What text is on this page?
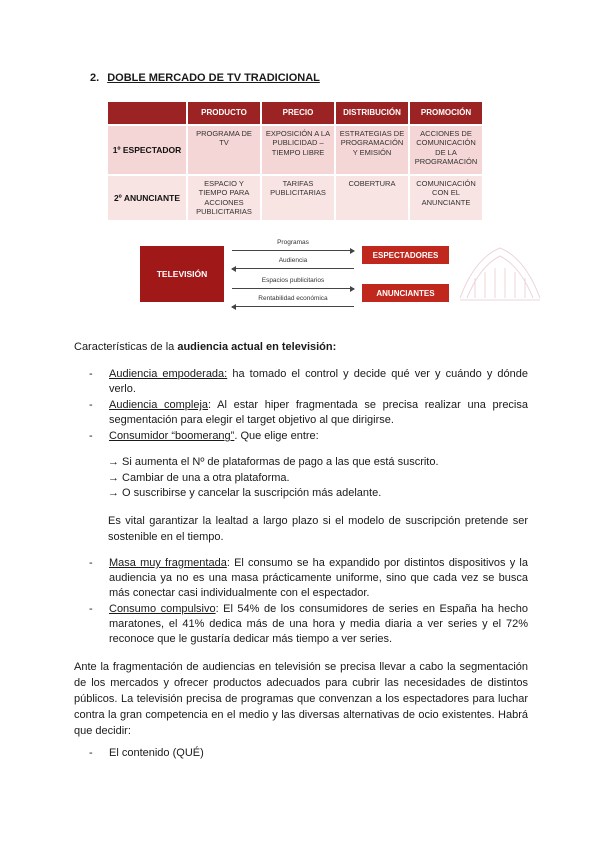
2. DOBLE MERCADO DE TV TRADICIONAL
	PRODUCTO	PRECIO	DISTRIBUCIÓN	PROMOCIÓN
1º ESPECTADOR	PROGRAMA DE TV	EXPOSICIÓN A LA PUBLICIDAD – TIEMPO LIBRE	ESTRATEGIAS DE PROGRAMACIÓN Y EMISIÓN	ACCIONES DE COMUNICACIÓN DE LA PROGRAMACIÓN
2º ANUNCIANTE	ESPACIO Y TIEMPO PARA ACCIONES PUBLICITARIAS	TARIFAS PUBLICITARIAS	COBERTURA	COMUNICACIÓN CON EL ANUNCIANTE
TELEVISIÓN
Programas
Audiencia
Espacios publicitarios
Rentabilidad económica
ESPECTADORES
ANUNCIANTES
Características de la audiencia actual en televisión:
- Audiencia empoderada: ha tomado el control y decide qué ver y cuándo y dónde verlo.
- Audiencia compleja: Al estar hiper fragmentada se precisa realizar una precisa segmentación para elegir el target objetivo al que dirigirse.
- Consumidor “boomerang”. Que elige entre:
→ Si aumenta el Nº de plataformas de pago a las que está suscrito.
→ Cambiar de una a otra plataforma.
→ O suscribirse y cancelar la suscripción más adelante.
Es vital garantizar la lealtad a largo plazo si el modelo de suscripción pretende ser sostenible en el tiempo.
- Masa muy fragmentada: El consumo se ha expandido por distintos dispositivos y la audiencia ya no es una masa prácticamente uniforme, sino que cada vez se busca más conectar casi individualmente con el espectador.
- Consumo compulsivo: El 54% de los consumidores de series en España ha hecho maratones, el 41% dedica más de una hora y media diaria a ver series y el 72% reconoce que le gustaría dedicar más tiempo a ver series.
Ante la fragmentación de audiencias en televisión se precisa llevar a cabo la segmentación de los mercados y ofrecer productos adecuados para cubrir las necesidades de distintos públicos. La televisión precisa de programas que convenzan a los espectadores para luchar contra la gran competencia en el medio y las diversas alternativas de ocio existentes. Habrá que decidir:
- El contenido (QUÉ)
